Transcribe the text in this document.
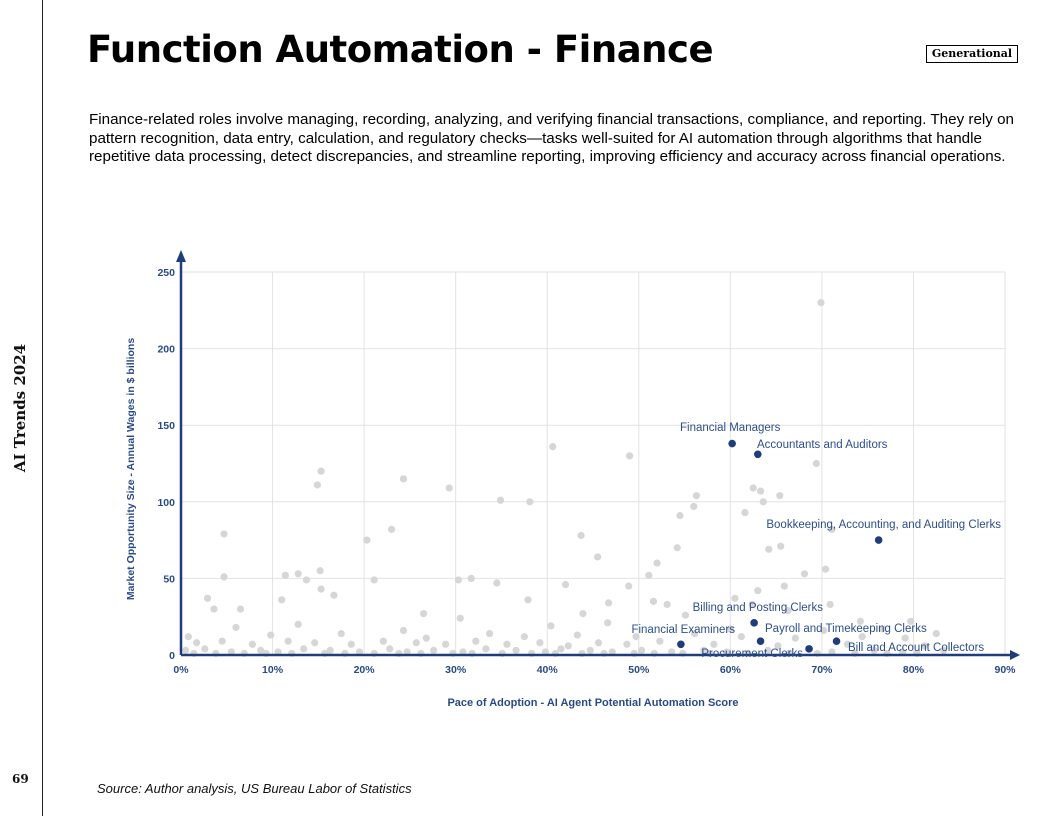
AI Trends 2024
69
Function Automation - Finance	Generational

Finance-related roles involve managing, recording, analyzing, and verifying financial transactions, compliance, and reporting. They rely on pattern recognition, data entry, calculation, and regulatory checks—tasks well-suited for AI automation through algorithms that handle repetitive data processing, detect discrepancies, and streamline reporting, improving efficiency and accuracy across financial operations.

0%	10%	20%	30%	40%	50%	60%	70%	80%	90%
0
50
100
150
200
250
Financial Managers
Accountants and Auditors
Bookkeeping, Accounting, and Auditing Clerks
Billing and Posting Clerks
Payroll and Timekeeping Clerks
Financial Examiners
Bill and Account Collectors
Procurement Clerks
Pace of Adoption - AI Agent Potential Automation Score
Market Opportunity Size - Annual Wages in $ billions
Source: Author analysis, US Bureau Labor of Statistics
